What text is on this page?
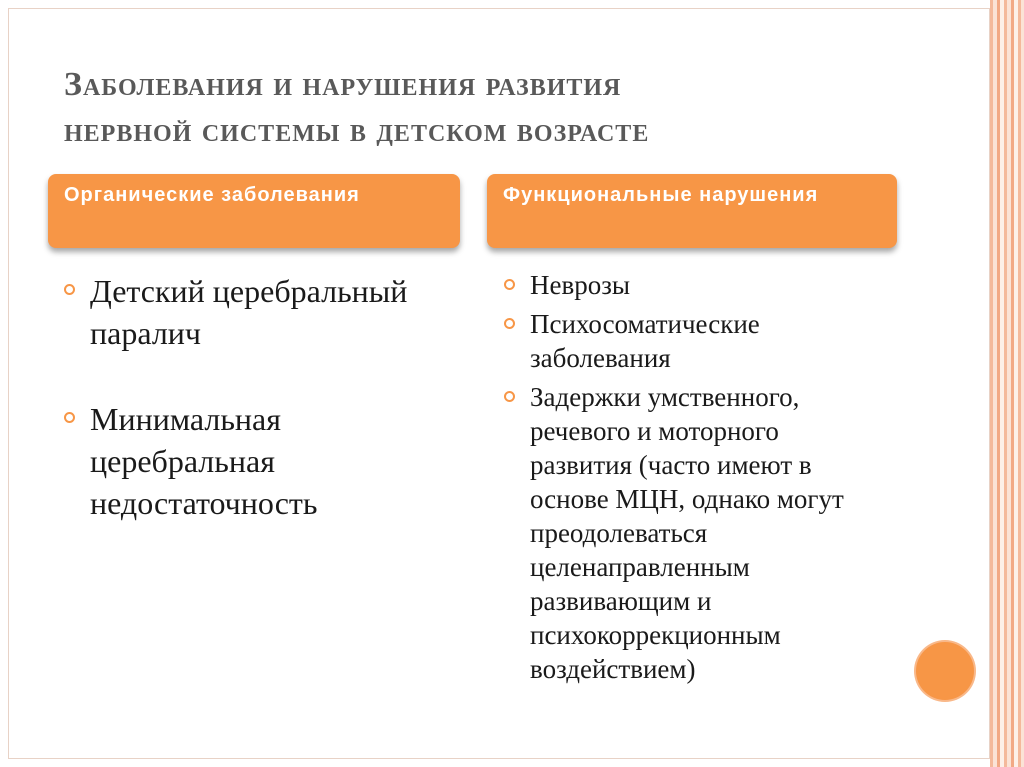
Заболевания и нарушения развития
нервной системы в детском возрасте
Органические заболевания	Функциональные нарушения
Детский церебральный паралич
Минимальная церебральная недостаточность
Неврозы
Психосоматические заболевания
Задержки умственного, речевого и моторного развития (часто имеют в основе МЦН, однако могут преодолеваться целенаправленным развивающим и психокоррекционным воздействием)
